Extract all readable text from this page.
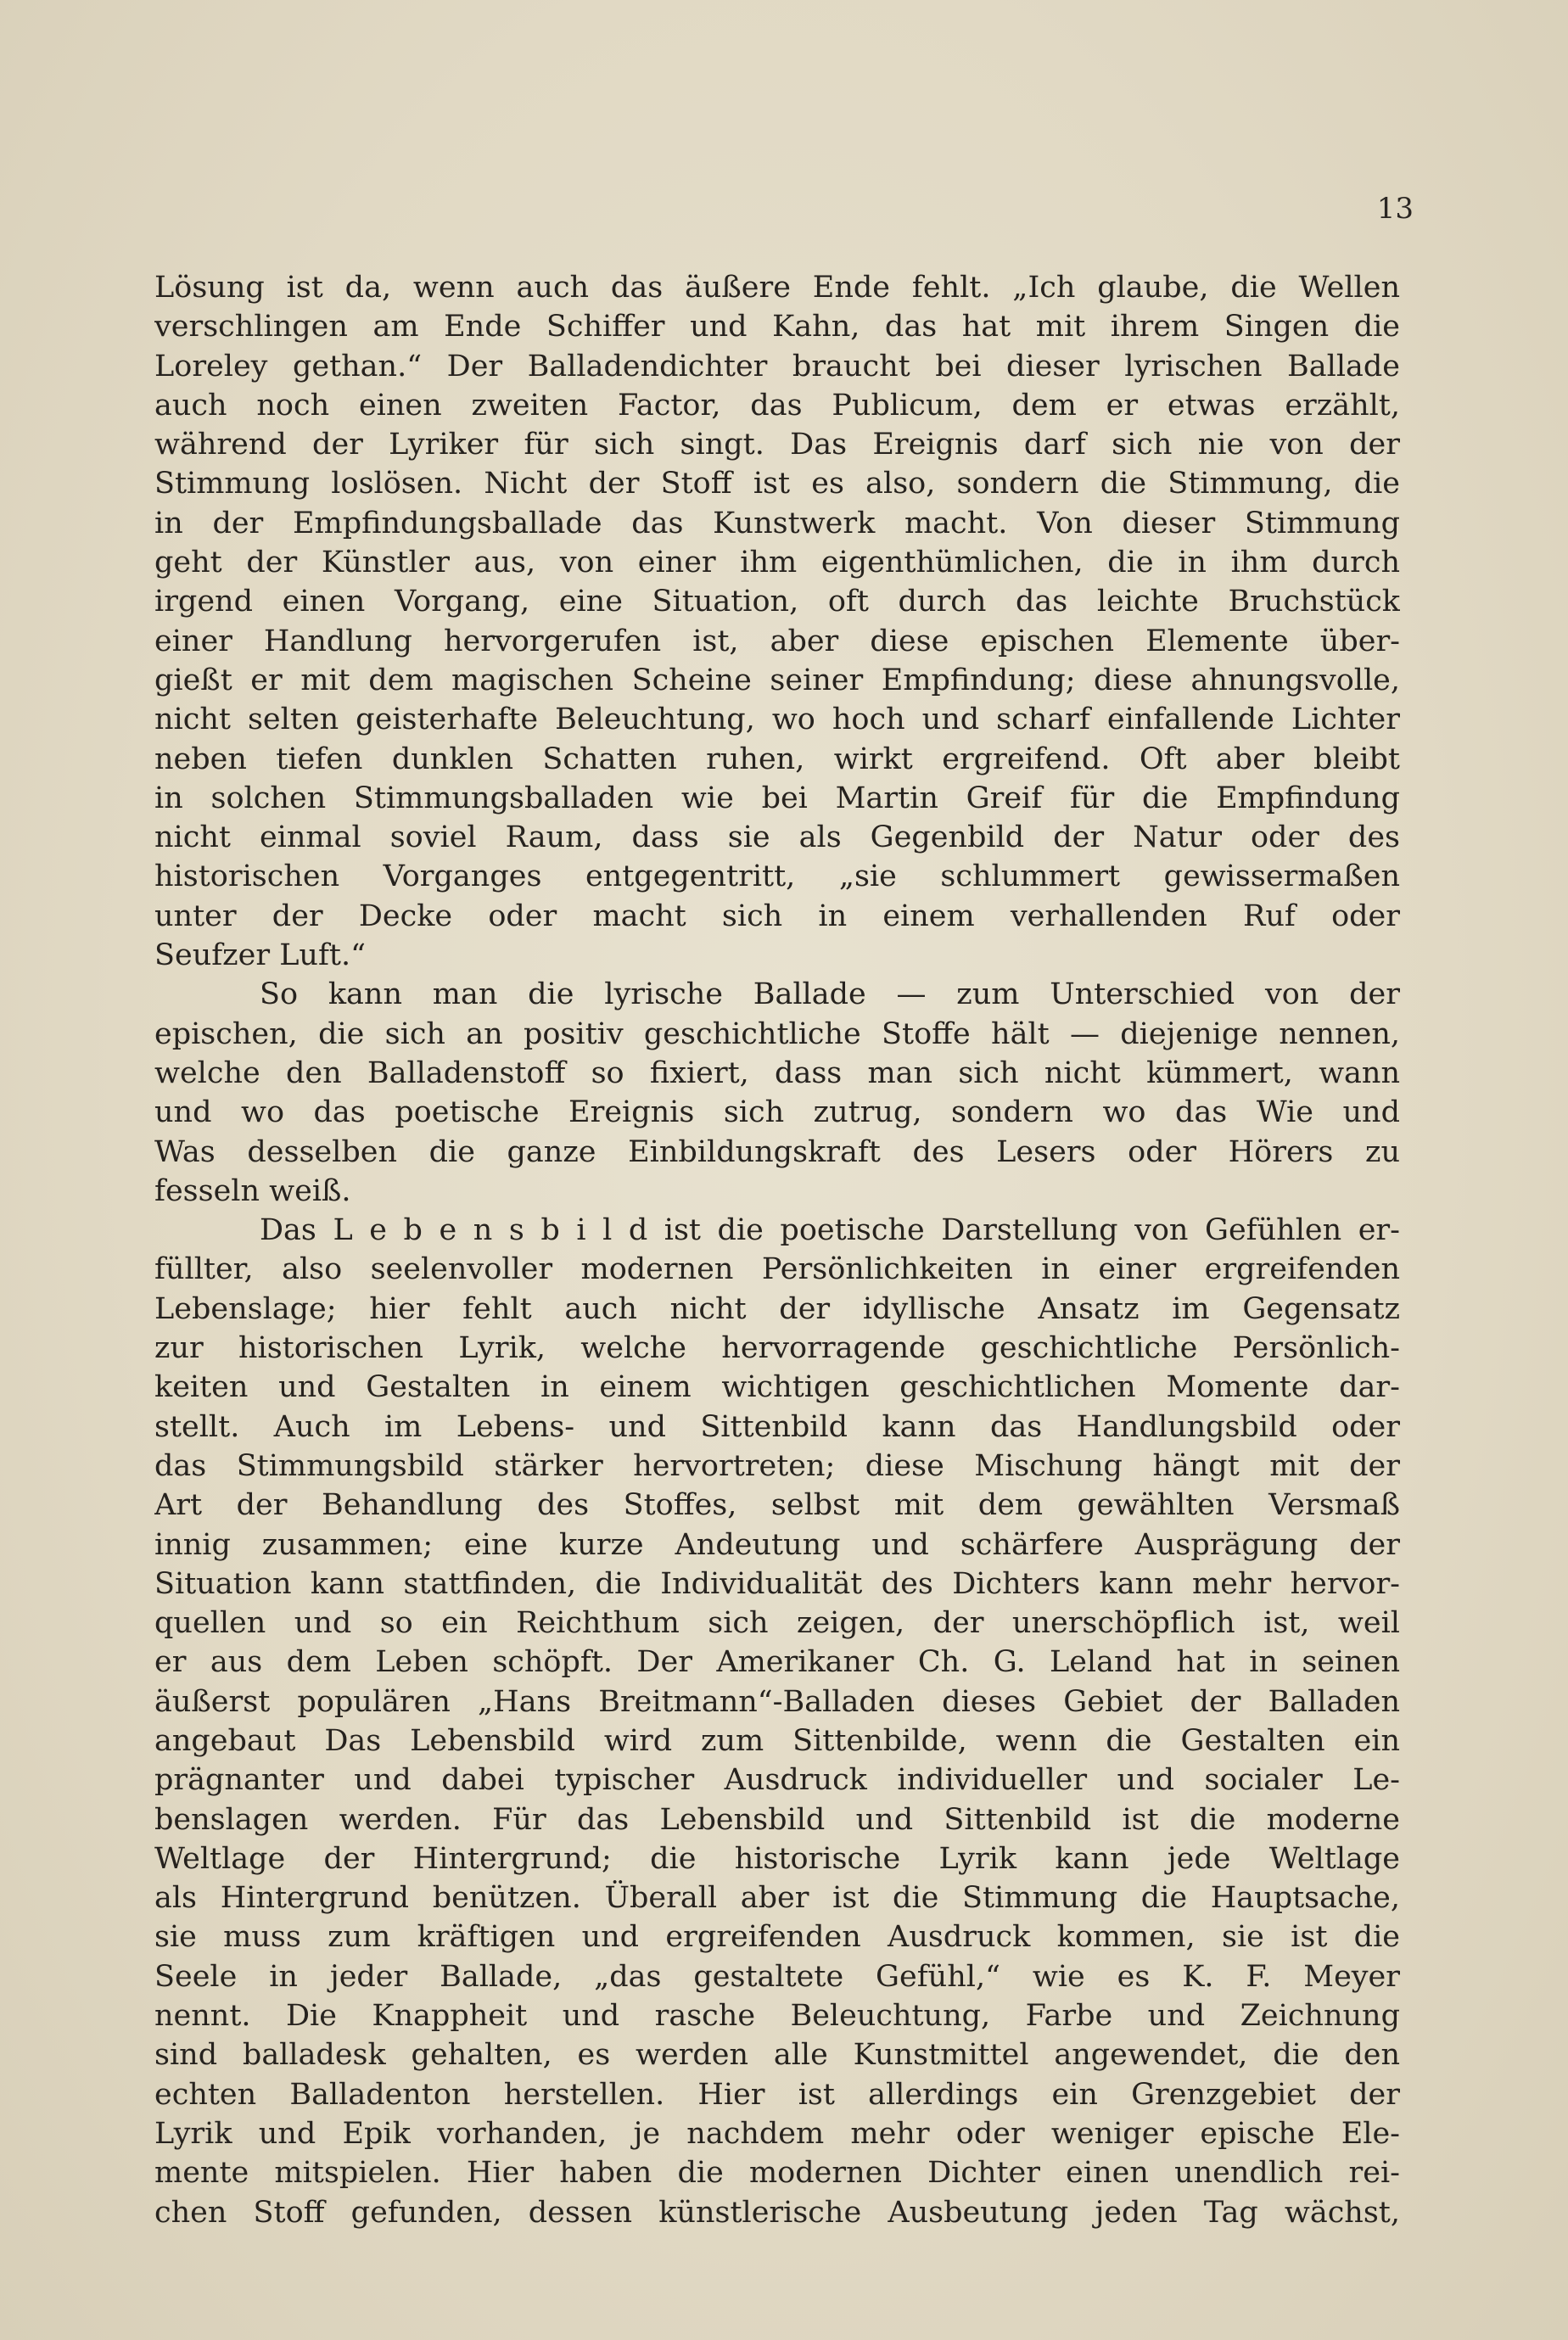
13
Lösung ist da, wenn auch das äußere Ende fehlt. „Ich glaube, die Wellen
verschlingen am Ende Schiffer und Kahn, das hat mit ihrem Singen die
Loreley gethan.“ Der Balladendichter braucht bei dieser lyrischen Ballade
auch noch einen zweiten Factor, das Publicum, dem er etwas erzählt,
während der Lyriker für sich singt. Das Ereignis darf sich nie von der
Stimmung loslösen. Nicht der Stoff ist es also, sondern die Stimmung, die
in der Empfindungsballade das Kunstwerk macht. Von dieser Stimmung
geht der Künstler aus, von einer ihm eigenthümlichen, die in ihm durch
irgend einen Vorgang, eine Situation, oft durch das leichte Bruchstück
einer Handlung hervorgerufen ist, aber diese epischen Elemente über-
gießt er mit dem magischen Scheine seiner Empfindung; diese ahnungsvolle,
nicht selten geisterhafte Beleuchtung, wo hoch und scharf einfallende Lichter
neben tiefen dunklen Schatten ruhen, wirkt ergreifend. Oft aber bleibt
in solchen Stimmungsballaden wie bei Martin Greif für die Empfindung
nicht einmal soviel Raum, dass sie als Gegenbild der Natur oder des
historischen Vorganges entgegentritt, „sie schlummert gewissermaßen
unter der Decke oder macht sich in einem verhallenden Ruf oder
Seufzer Luft.“
So kann man die lyrische Ballade — zum Unterschied von der
epischen, die sich an positiv geschichtliche Stoffe hält — diejenige nennen,
welche den Balladenstoff so fixiert, dass man sich nicht kümmert, wann
und wo das poetische Ereignis sich zutrug, sondern wo das Wie und
Was desselben die ganze Einbildungskraft des Lesers oder Hörers zu
fesseln weiß.
Das L e b e n s b i l d ist die poetische Darstellung von Gefühlen er-
füllter, also seelenvoller modernen Persönlichkeiten in einer ergreifenden
Lebenslage; hier fehlt auch nicht der idyllische Ansatz im Gegensatz
zur historischen Lyrik, welche hervorragende geschichtliche Persönlich-
keiten und Gestalten in einem wichtigen geschichtlichen Momente dar-
stellt. Auch im Lebens- und Sittenbild kann das Handlungsbild oder
das Stimmungsbild stärker hervortreten; diese Mischung hängt mit der
Art der Behandlung des Stoffes, selbst mit dem gewählten Versmaß
innig zusammen; eine kurze Andeutung und schärfere Ausprägung der
Situation kann stattfinden, die Individualität des Dichters kann mehr hervor-
quellen und so ein Reichthum sich zeigen, der unerschöpflich ist, weil
er aus dem Leben schöpft. Der Amerikaner Ch. G. Leland hat in seinen
äußerst populären „Hans Breitmann“-Balladen dieses Gebiet der Balladen
angebaut Das Lebensbild wird zum Sittenbilde, wenn die Gestalten ein
prägnanter und dabei typischer Ausdruck individueller und socialer Le-
benslagen werden. Für das Lebensbild und Sittenbild ist die moderne
Weltlage der Hintergrund; die historische Lyrik kann jede Weltlage
als Hintergrund benützen. Überall aber ist die Stimmung die Hauptsache,
sie muss zum kräftigen und ergreifenden Ausdruck kommen, sie ist die
Seele in jeder Ballade, „das gestaltete Gefühl,“ wie es K. F. Meyer
nennt. Die Knappheit und rasche Beleuchtung, Farbe und Zeichnung
sind balladesk gehalten, es werden alle Kunstmittel angewendet, die den
echten Balladenton herstellen. Hier ist allerdings ein Grenzgebiet der
Lyrik und Epik vorhanden, je nachdem mehr oder weniger epische Ele-
mente mitspielen. Hier haben die modernen Dichter einen unendlich rei-
chen Stoff gefunden, dessen künstlerische Ausbeutung jeden Tag wächst,
